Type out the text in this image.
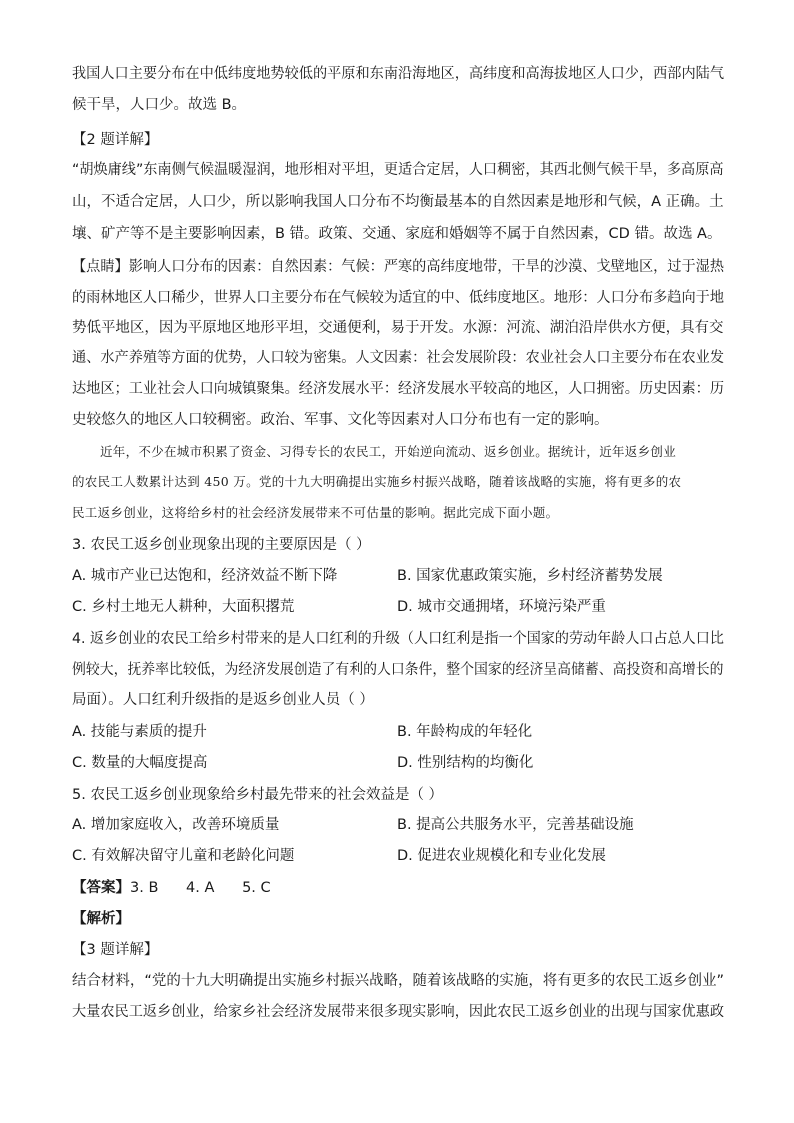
我国人口主要分布在中低纬度地势较低的平原和东南沿海地区，高纬度和高海拔地区人口少，西部内陆气
候干旱，人口少。故选 B。
【2 题详解】
“胡焕庸线”东南侧气候温暖湿润，地形相对平坦，更适合定居，人口稠密，其西北侧气候干旱，多高原高
山，不适合定居，人口少，所以影响我国人口分布不均衡最基本的自然因素是地形和气候，A 正确。土
壤、矿产等不是主要影响因素，B 错。政策、交通、家庭和婚姻等不属于自然因素，CD 错。故选 A。
【点睛】影响人口分布的因素：自然因素：气候：严寒的高纬度地带，干旱的沙漠、戈壁地区，过于湿热
的雨林地区人口稀少，世界人口主要分布在气候较为适宜的中、低纬度地区。地形：人口分布多趋向于地
势低平地区，因为平原地区地形平坦，交通便利，易于开发。水源：河流、湖泊沿岸供水方便，具有交
通、水产养殖等方面的优势，人口较为密集。人文因素：社会发展阶段：农业社会人口主要分布在农业发
达地区；工业社会人口向城镇聚集。经济发展水平：经济发展水平较高的地区，人口拥密。历史因素：历
史较悠久的地区人口较稠密。政治、军事、文化等因素对人口分布也有一定的影响。
近年，不少在城市积累了资金、习得专长的农民工，开始逆向流动、返乡创业。据统计，近年返乡创业
的农民工人数累计达到 450 万。党的十九大明确提出实施乡村振兴战略，随着该战略的实施，将有更多的农
民工返乡创业，这将给乡村的社会经济发展带来不可估量的影响。据此完成下面小题。
3. 农民工返乡创业现象出现的主要原因是（ ）
A. 城市产业已达饱和，经济效益不断下降	B. 国家优惠政策实施，乡村经济蓄势发展
C. 乡村土地无人耕种，大面积撂荒	D. 城市交通拥堵，环境污染严重
4. 返乡创业的农民工给乡村带来的是人口红利的升级（人口红利是指一个国家的劳动年龄人口占总人口比
例较大，抚养率比较低，为经济发展创造了有利的人口条件，整个国家的经济呈高储蓄、高投资和高增长的
局面）。人口红利升级指的是返乡创业人员（ ）
A. 技能与素质的提升	B. 年龄构成的年轻化
C. 数量的大幅度提高	D. 性别结构的均衡化
5. 农民工返乡创业现象给乡村最先带来的社会效益是（ ）
A. 增加家庭收入，改善环境质量	B. 提高公共服务水平，完善基础设施
C. 有效解决留守儿童和老龄化问题	D. 促进农业规模化和专业化发展
【答案】3. B      4. A      5. C
【解析】
【3 题详解】
结合材料，“党的十九大明确提出实施乡村振兴战略，随着该战略的实施，将有更多的农民工返乡创业”
大量农民工返乡创业，给家乡社会经济发展带来很多现实影响，因此农民工返乡创业的出现与国家优惠政
